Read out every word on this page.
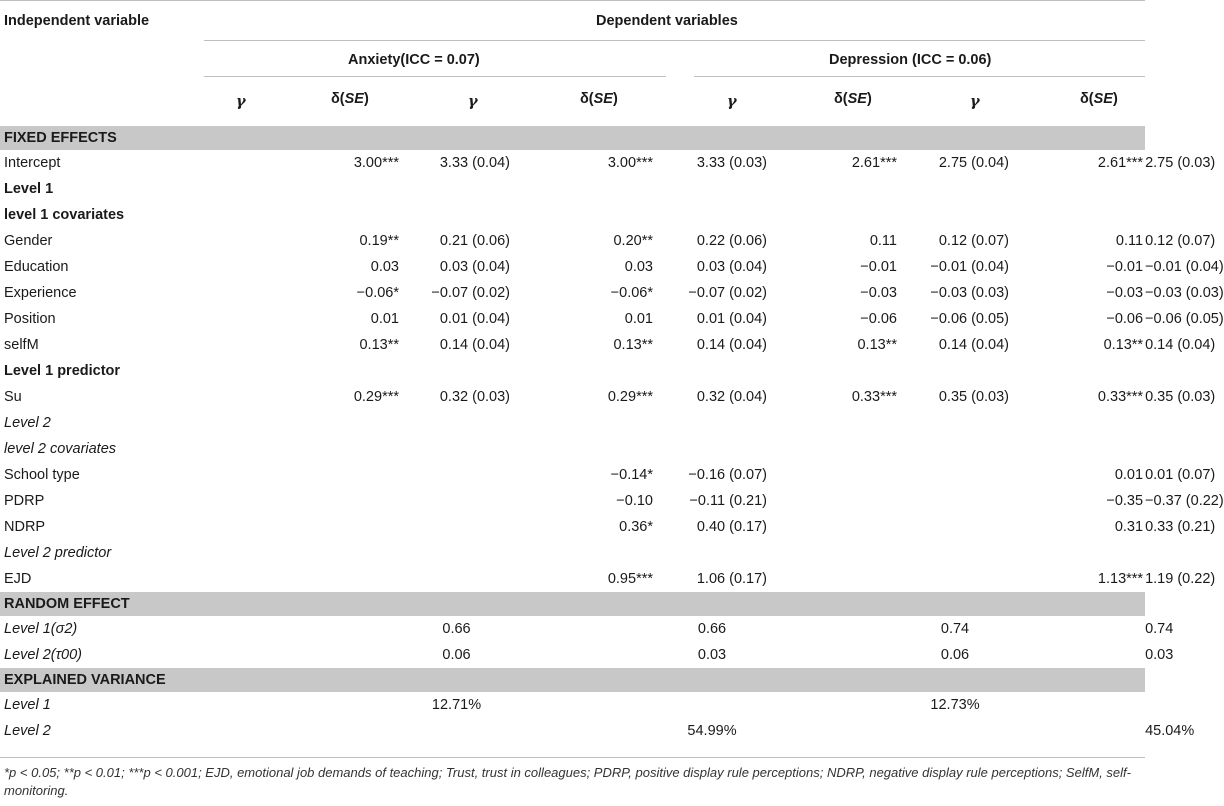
Independent variable	Dependent variables
Anxiety(ICC = 0.07)	Depression (ICC = 0.06)
γ	δ(SE)	γ	δ(SE)	γ	δ(SE)	γ	δ(SE)
FIXED EFFECTS									
Intercept		3.00***	3.33 (0.04)	3.00***	3.33 (0.03)	2.61***	2.75 (0.04)	2.61***	2.75 (0.03)
Level 1									
level 1 covariates									
Gender		0.19**	0.21 (0.06)	0.20**	0.22 (0.06)	0.11	0.12 (0.07)	0.11	0.12 (0.07)
Education		0.03	0.03 (0.04)	0.03	0.03 (0.04)	−0.01	−0.01 (0.04)	−0.01	−0.01 (0.04)
Experience		−0.06*	−0.07 (0.02)	−0.06*	−0.07 (0.02)	−0.03	−0.03 (0.03)	−0.03	−0.03 (0.03)
Position		0.01	0.01 (0.04)	0.01	0.01 (0.04)	−0.06	−0.06 (0.05)	−0.06	−0.06 (0.05)
selfM		0.13**	0.14 (0.04)	0.13**	0.14 (0.04)	0.13**	0.14 (0.04)	0.13**	0.14 (0.04)
Level 1 predictor									
Su		0.29***	0.32 (0.03)	0.29***	0.32 (0.04)	0.33***	0.35 (0.03)	0.33***	0.35 (0.03)
Level 2									
level 2 covariates									
School type				−0.14*	−0.16 (0.07)			0.01	0.01 (0.07)
PDRP				−0.10	−0.11 (0.21)			−0.35	−0.37 (0.22)
NDRP				0.36*	0.40 (0.17)			0.31	0.33 (0.21)
Level 2 predictor									
EJD				0.95***	1.06 (0.17)			1.13***	1.19 (0.22)
RANDOM EFFECT									
Level 1(σ2)			0.66		0.66		0.74		0.74
Level 2(τ00)			0.06		0.03		0.06		0.03
EXPLAINED VARIANCE									
Level 1			12.71%				12.73%		
Level 2					54.99%				45.04%
*p < 0.05; **p < 0.01; ***p < 0.001; EJD, emotional job demands of teaching; Trust, trust in colleagues; PDRP, positive display rule perceptions; NDRP, negative display rule perceptions; SelfM, self-monitoring.
